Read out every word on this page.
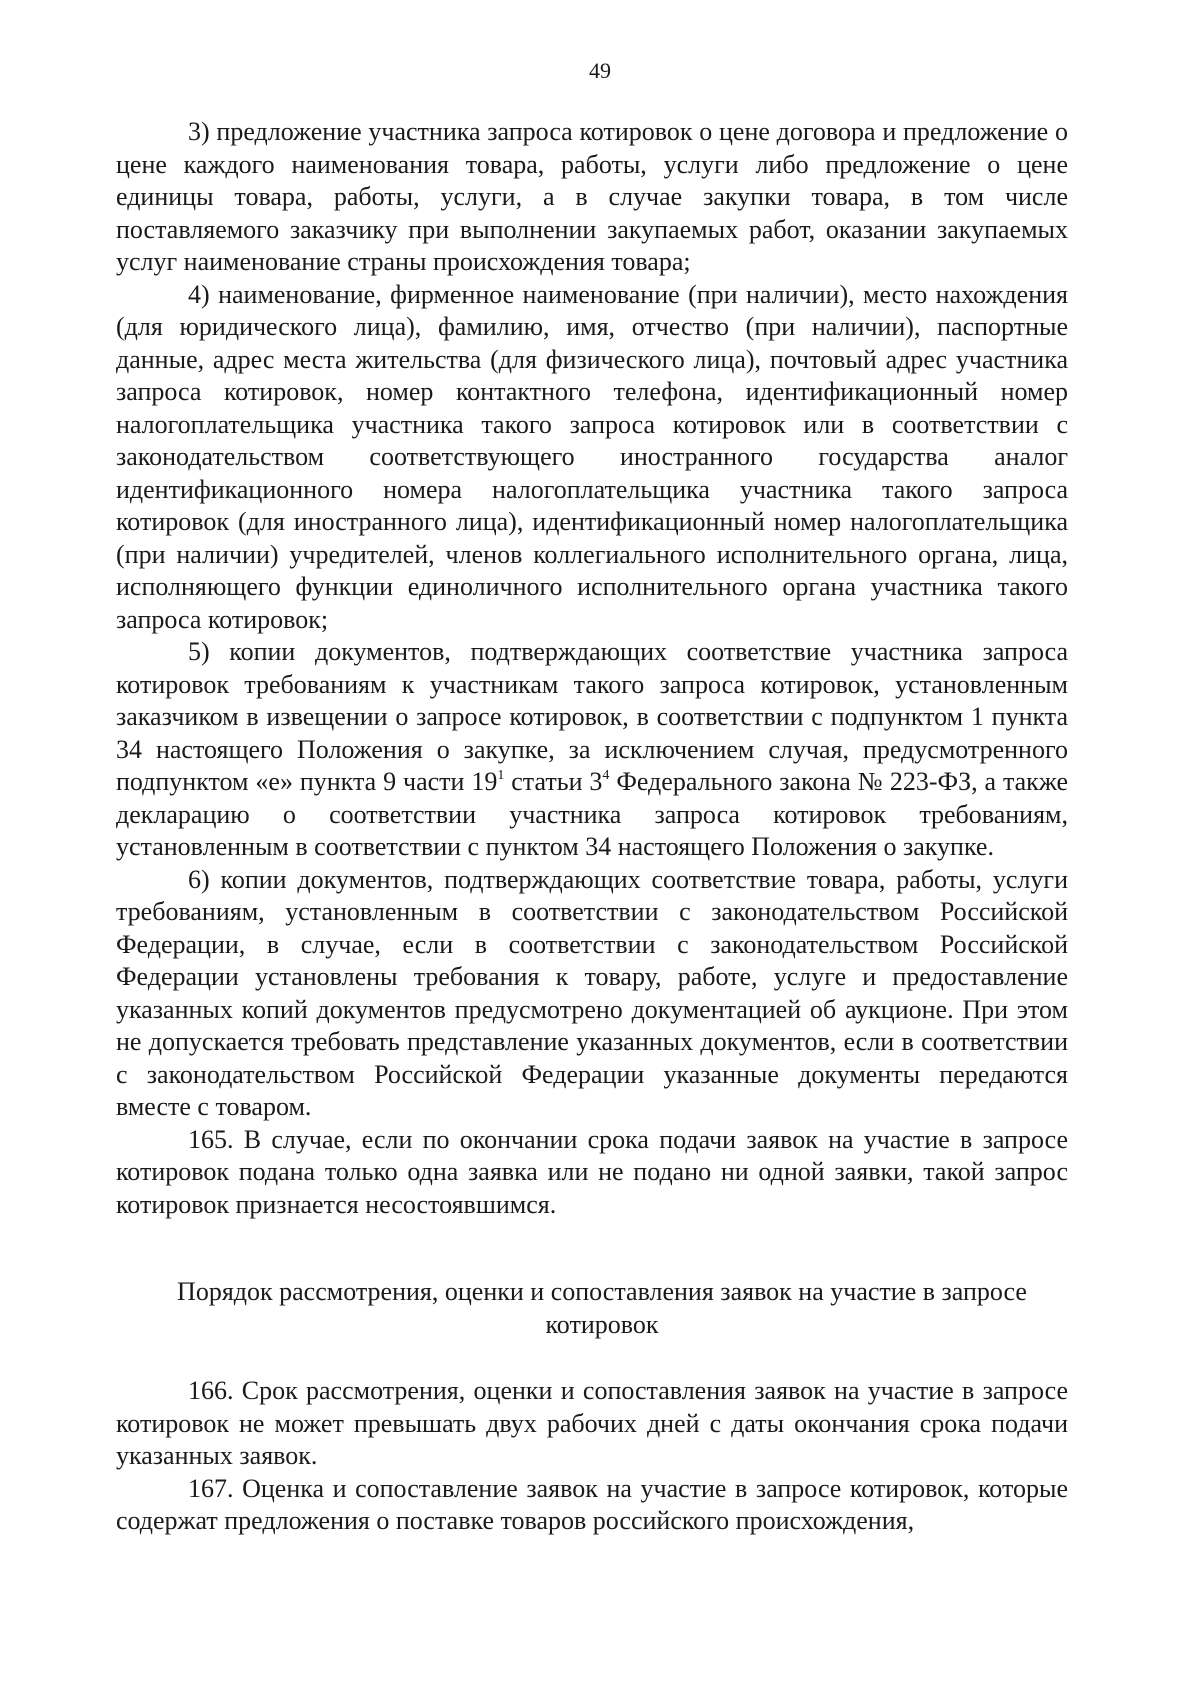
49

3) предложение участника запроса котировок о цене договора и предложение о цене каждого наименования товара, работы, услуги либо предложение о цене единицы товара, работы, услуги, а в случае закупки товара, в том числе поставляемого заказчику при выполнении закупаемых работ, оказании закупаемых услуг наименование страны происхождения товара;

4) наименование, фирменное наименование (при наличии), место нахождения (для юридического лица), фамилию, имя, отчество (при наличии), паспортные данные, адрес места жительства (для физического лица), почтовый адрес участника запроса котировок, номер контактного телефона, идентификационный номер налогоплательщика участника такого запроса котировок или в соответствии с законодательством соответствующего иностранного государства аналог идентификационного номера налогоплательщика участника такого запроса котировок (для иностранного лица), идентификационный номер налогоплательщика (при наличии) учредителей, членов коллегиального исполнительного органа, лица, исполняющего функции единоличного исполнительного органа участника такого запроса котировок;

5) копии документов, подтверждающих соответствие участника запроса котировок требованиям к участникам такого запроса котировок, установленным заказчиком в извещении о запросе котировок, в соответствии с подпунктом 1 пункта 34 настоящего Положения о закупке, за исключением случая, предусмотренного подпунктом «е» пункта 9 части $19^1$ статьи $3^4$ Федерального закона № 223-ФЗ, а также декларацию о соответствии участника запроса котировок требованиям, установленным в соответствии с пунктом 34 настоящего Положения о закупке.

6) копии документов, подтверждающих соответствие товара, работы, услуги требованиям, установленным в соответствии с законодательством Российской Федерации, в случае, если в соответствии с законодательством Российской Федерации установлены требования к товару, работе, услуге и предоставление указанных копий документов предусмотрено документацией об аукционе. При этом не допускается требовать представление указанных документов, если в соответствии с законодательством Российской Федерации указанные документы передаются вместе с товаром.

165. В случае, если по окончании срока подачи заявок на участие в запросе котировок подана только одна заявка или не подано ни одной заявки, такой запрос котировок признается несостоявшимся.

Порядок рассмотрения, оценки и сопоставления заявок на участие в запросе котировок

166. Срок рассмотрения, оценки и сопоставления заявок на участие в запросе котировок не может превышать двух рабочих дней с даты окончания срока подачи указанных заявок.

167. Оценка и сопоставление заявок на участие в запросе котировок, которые содержат предложения о поставке товаров российского происхождения,
